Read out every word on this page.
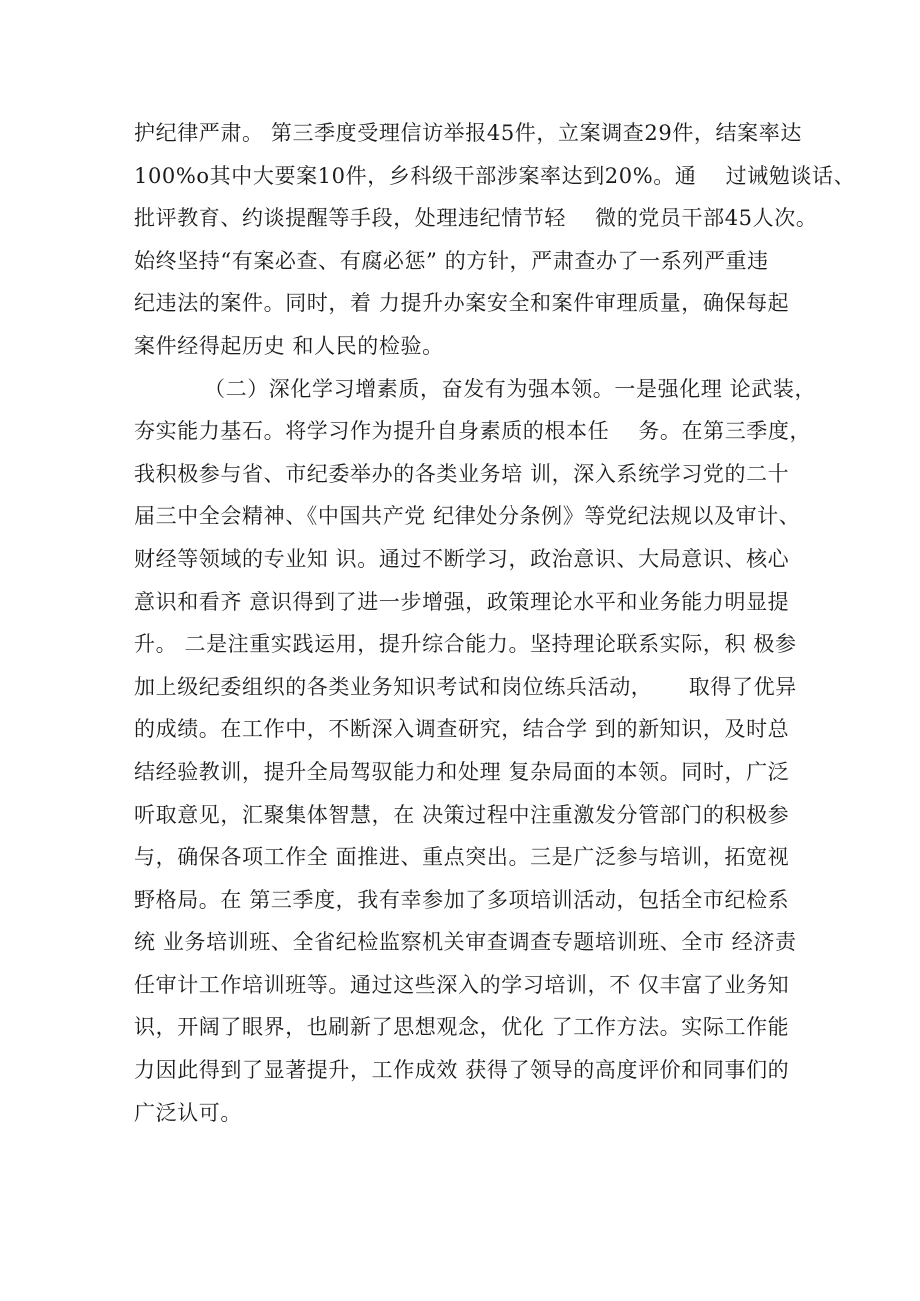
护纪律严肃。 第三季度受理信访举报45件，立案调查29件，结案率达
100%o其中大要案10件，乡科级干部涉案率达到20%。通    过诫勉谈话、
批评教育、约谈提醒等手段，处理违纪情节轻    微的党员干部45人次。
始终坚持“有案必查、有腐必惩” 的方针，严肃查办了一系列严重违
纪违法的案件。同时，着 力提升办案安全和案件审理质量，确保每起
案件经得起历史 和人民的检验。
（二）深化学习增素质，奋发有为强本领。一是强化理 论武装，
夯实能力基石。将学习作为提升自身素质的根本任    务。在第三季度，
我积极参与省、市纪委举办的各类业务培 训，深入系统学习党的二十
届三中全会精神、《中国共产党 纪律处分条例》等党纪法规以及审计、
财经等领域的专业知 识。通过不断学习，政治意识、大局意识、核心
意识和看齐 意识得到了进一步增强，政策理论水平和业务能力明显提
升。 二是注重实践运用，提升综合能力。坚持理论联系实际，积 极参
加上级纪委组织的各类业务知识考试和岗位练兵活动，     取得了优异
的成绩。在工作中，不断深入调查研究，结合学 到的新知识，及时总
结经验教训，提升全局驾驭能力和处理 复杂局面的本领。同时，广泛
听取意见，汇聚集体智慧，在 决策过程中注重激发分管部门的积极参
与，确保各项工作全 面推进、重点突出。三是广泛参与培训，拓宽视
野格局。在 第三季度，我有幸参加了多项培训活动，包括全市纪检系
统 业务培训班、全省纪检监察机关审查调查专题培训班、全市 经济责
任审计工作培训班等。通过这些深入的学习培训，不 仅丰富了业务知
识，开阔了眼界，也刷新了思想观念，优化 了工作方法。实际工作能
力因此得到了显著提升，工作成效 获得了领导的高度评价和同事们的
广泛认可。
